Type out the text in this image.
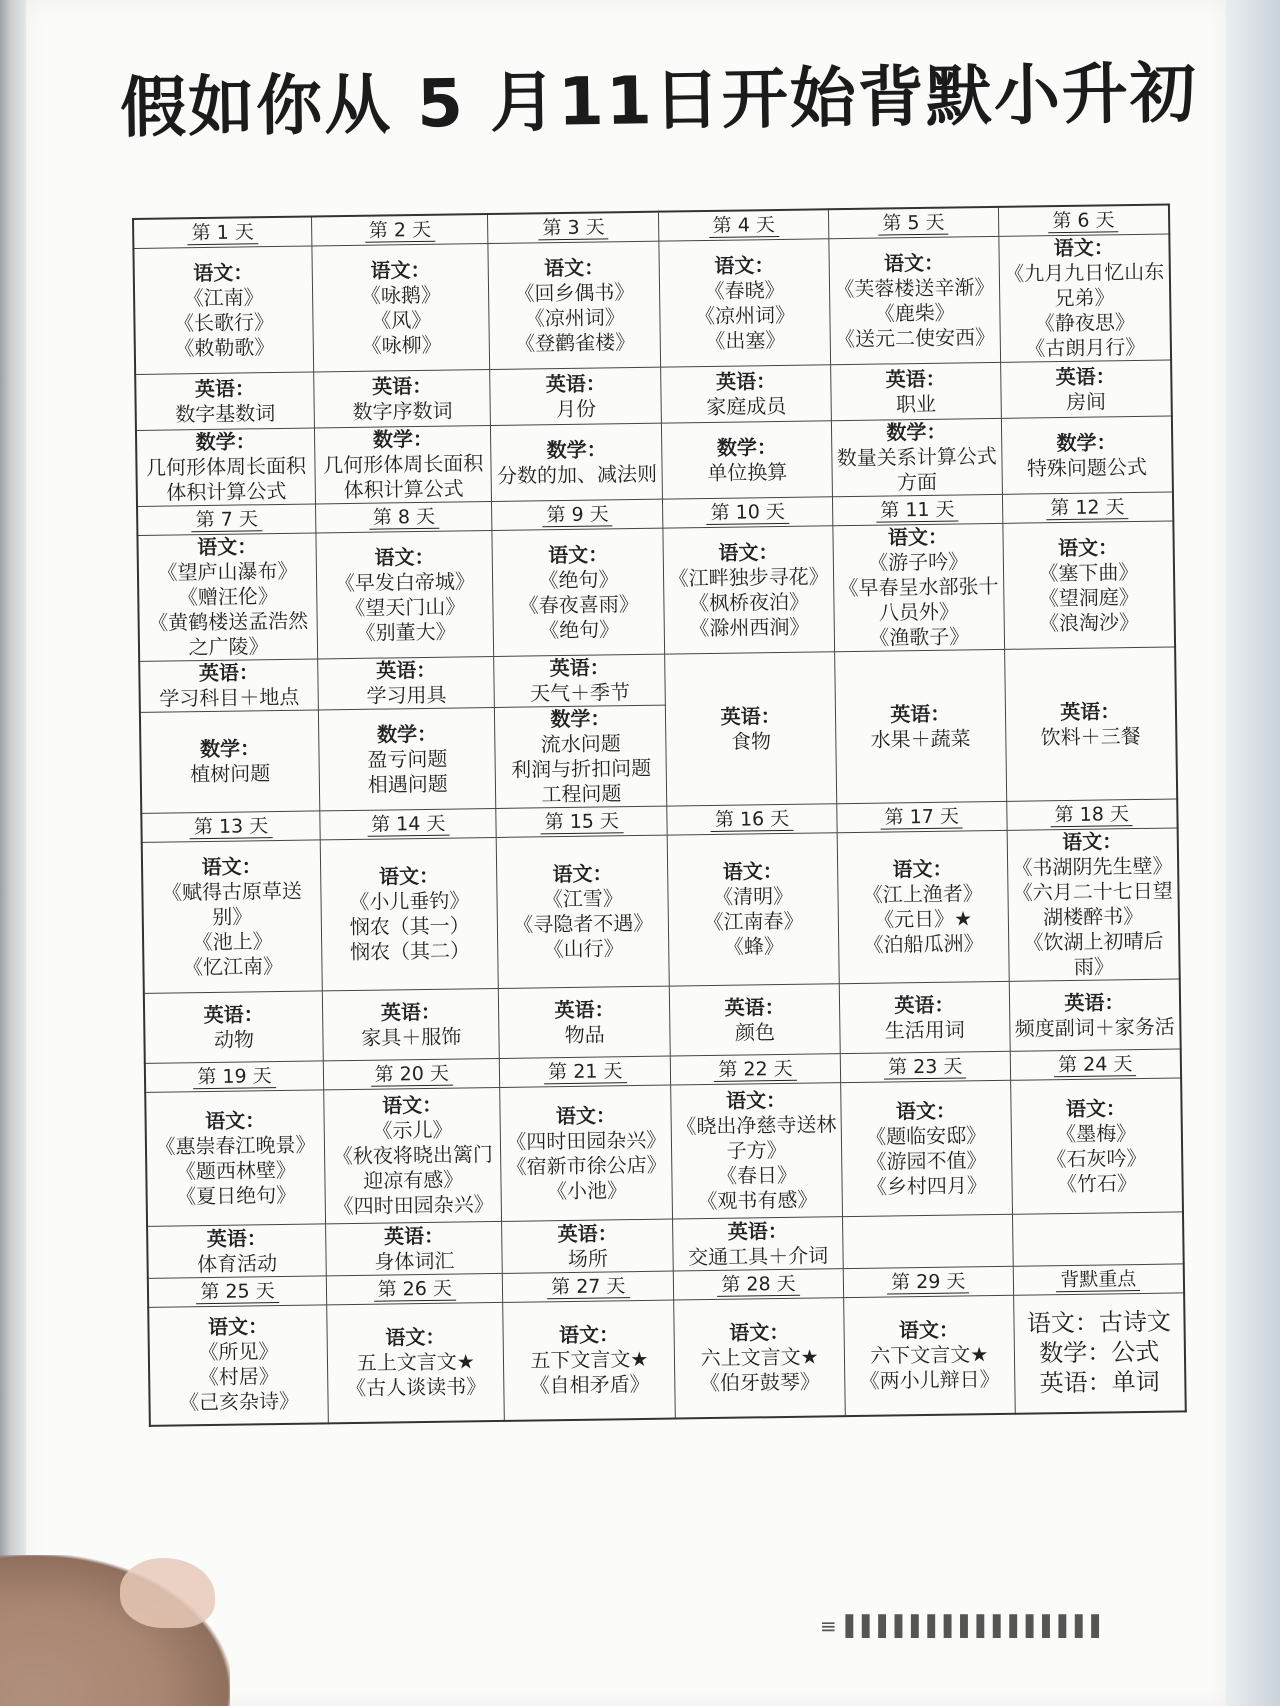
假如你从 5 月11日开始背默小升初
第 1 天	第 2 天	第 3 天	第 4 天	第 5 天	第 6 天

语文：
《江南》
《长歌行》
《敕勒歌》	语文：
《咏鹅》
《风》
《咏柳》	语文：
《回乡偶书》
《凉州词》
《登鹳雀楼》	语文：
《春晓》
《凉州词》
《出塞》	语文：
《芙蓉楼送辛渐》
《鹿柴》
《送元二使安西》	语文：
《九月九日忆山东兄弟》
《静夜思》
《古朗月行》

英语：
数字基数词	英语：
数字序数词	英语：
月份	英语：
家庭成员	英语：
职业	英语：
房间

数学：
几何形体周长面积体积计算公式	数学：
几何形体周长面积体积计算公式	数学：
分数的加、减法则	数学：
单位换算	数学：
数量关系计算公式方面	数学：
特殊问题公式

第 7 天	第 8 天	第 9 天	第 10 天	第 11 天	第 12 天

语文：
《望庐山瀑布》
《赠汪伦》
《黄鹤楼送孟浩然之广陵》	语文：
《早发白帝城》
《望天门山》
《别董大》	语文：
《绝句》
《春夜喜雨》
《绝句》	语文：
《江畔独步寻花》
《枫桥夜泊》
《滁州西涧》	语文：
《游子吟》
《早春呈水部张十八员外》
《渔歌子》	语文：
《塞下曲》
《望洞庭》
《浪淘沙》

英语：
学习科目＋地点	英语：
学习用具	英语：
天气＋季节	英语：
食物	英语：
水果＋蔬菜	英语：
饮料＋三餐

数学：
植树问题	数学：
盈亏问题
相遇问题	数学：
流水问题
利润与折扣问题
工程问题			

第 13 天	第 14 天	第 15 天	第 16 天	第 17 天	第 18 天

语文：
《赋得古原草送别》
《池上》
《忆江南》	语文：
《小儿垂钓》
悯农（其一）
悯农（其二）	语文：
《江雪》
《寻隐者不遇》
《山行》	语文：
《清明》
《江南春》
《蜂》	语文：
《江上渔者》
《元日》★
《泊船瓜洲》	语文：
《书湖阴先生壁》
《六月二十七日望湖楼醉书》
《饮湖上初晴后雨》

英语：
动物	英语：
家具＋服饰	英语：
物品	英语：
颜色	英语：
生活用词	英语：
频度副词＋家务活

第 19 天	第 20 天	第 21 天	第 22 天	第 23 天	第 24 天

语文：
《惠崇春江晚景》
《题西林壁》
《夏日绝句》	语文：
《示儿》
《秋夜将晓出篱门迎凉有感》
《四时田园杂兴》	语文：
《四时田园杂兴》
《宿新市徐公店》
《小池》	语文：
《晓出净慈寺送林子方》
《春日》
《观书有感》	语文：
《题临安邸》
《游园不值》
《乡村四月》	语文：
《墨梅》
《石灰吟》
《竹石》

英语：
体育活动	英语：
身体词汇	英语：
场所	英语：
交通工具＋介词		

第 25 天	第 26 天	第 27 天	第 28 天	第 29 天	背默重点

语文：
《所见》
《村居》
《己亥杂诗》	语文：
五上文言文★
《古人谈读书》	语文：
五下文言文★
《自相矛盾》	语文：
六上文言文★
《伯牙鼓琴》	语文：
六下文言文★
《两小儿辩日》	语文：古诗文
数学：公式
英语：单词
≡▐▐▐▐▐▐▐▐▐▐▐▐▐▐▐▐
